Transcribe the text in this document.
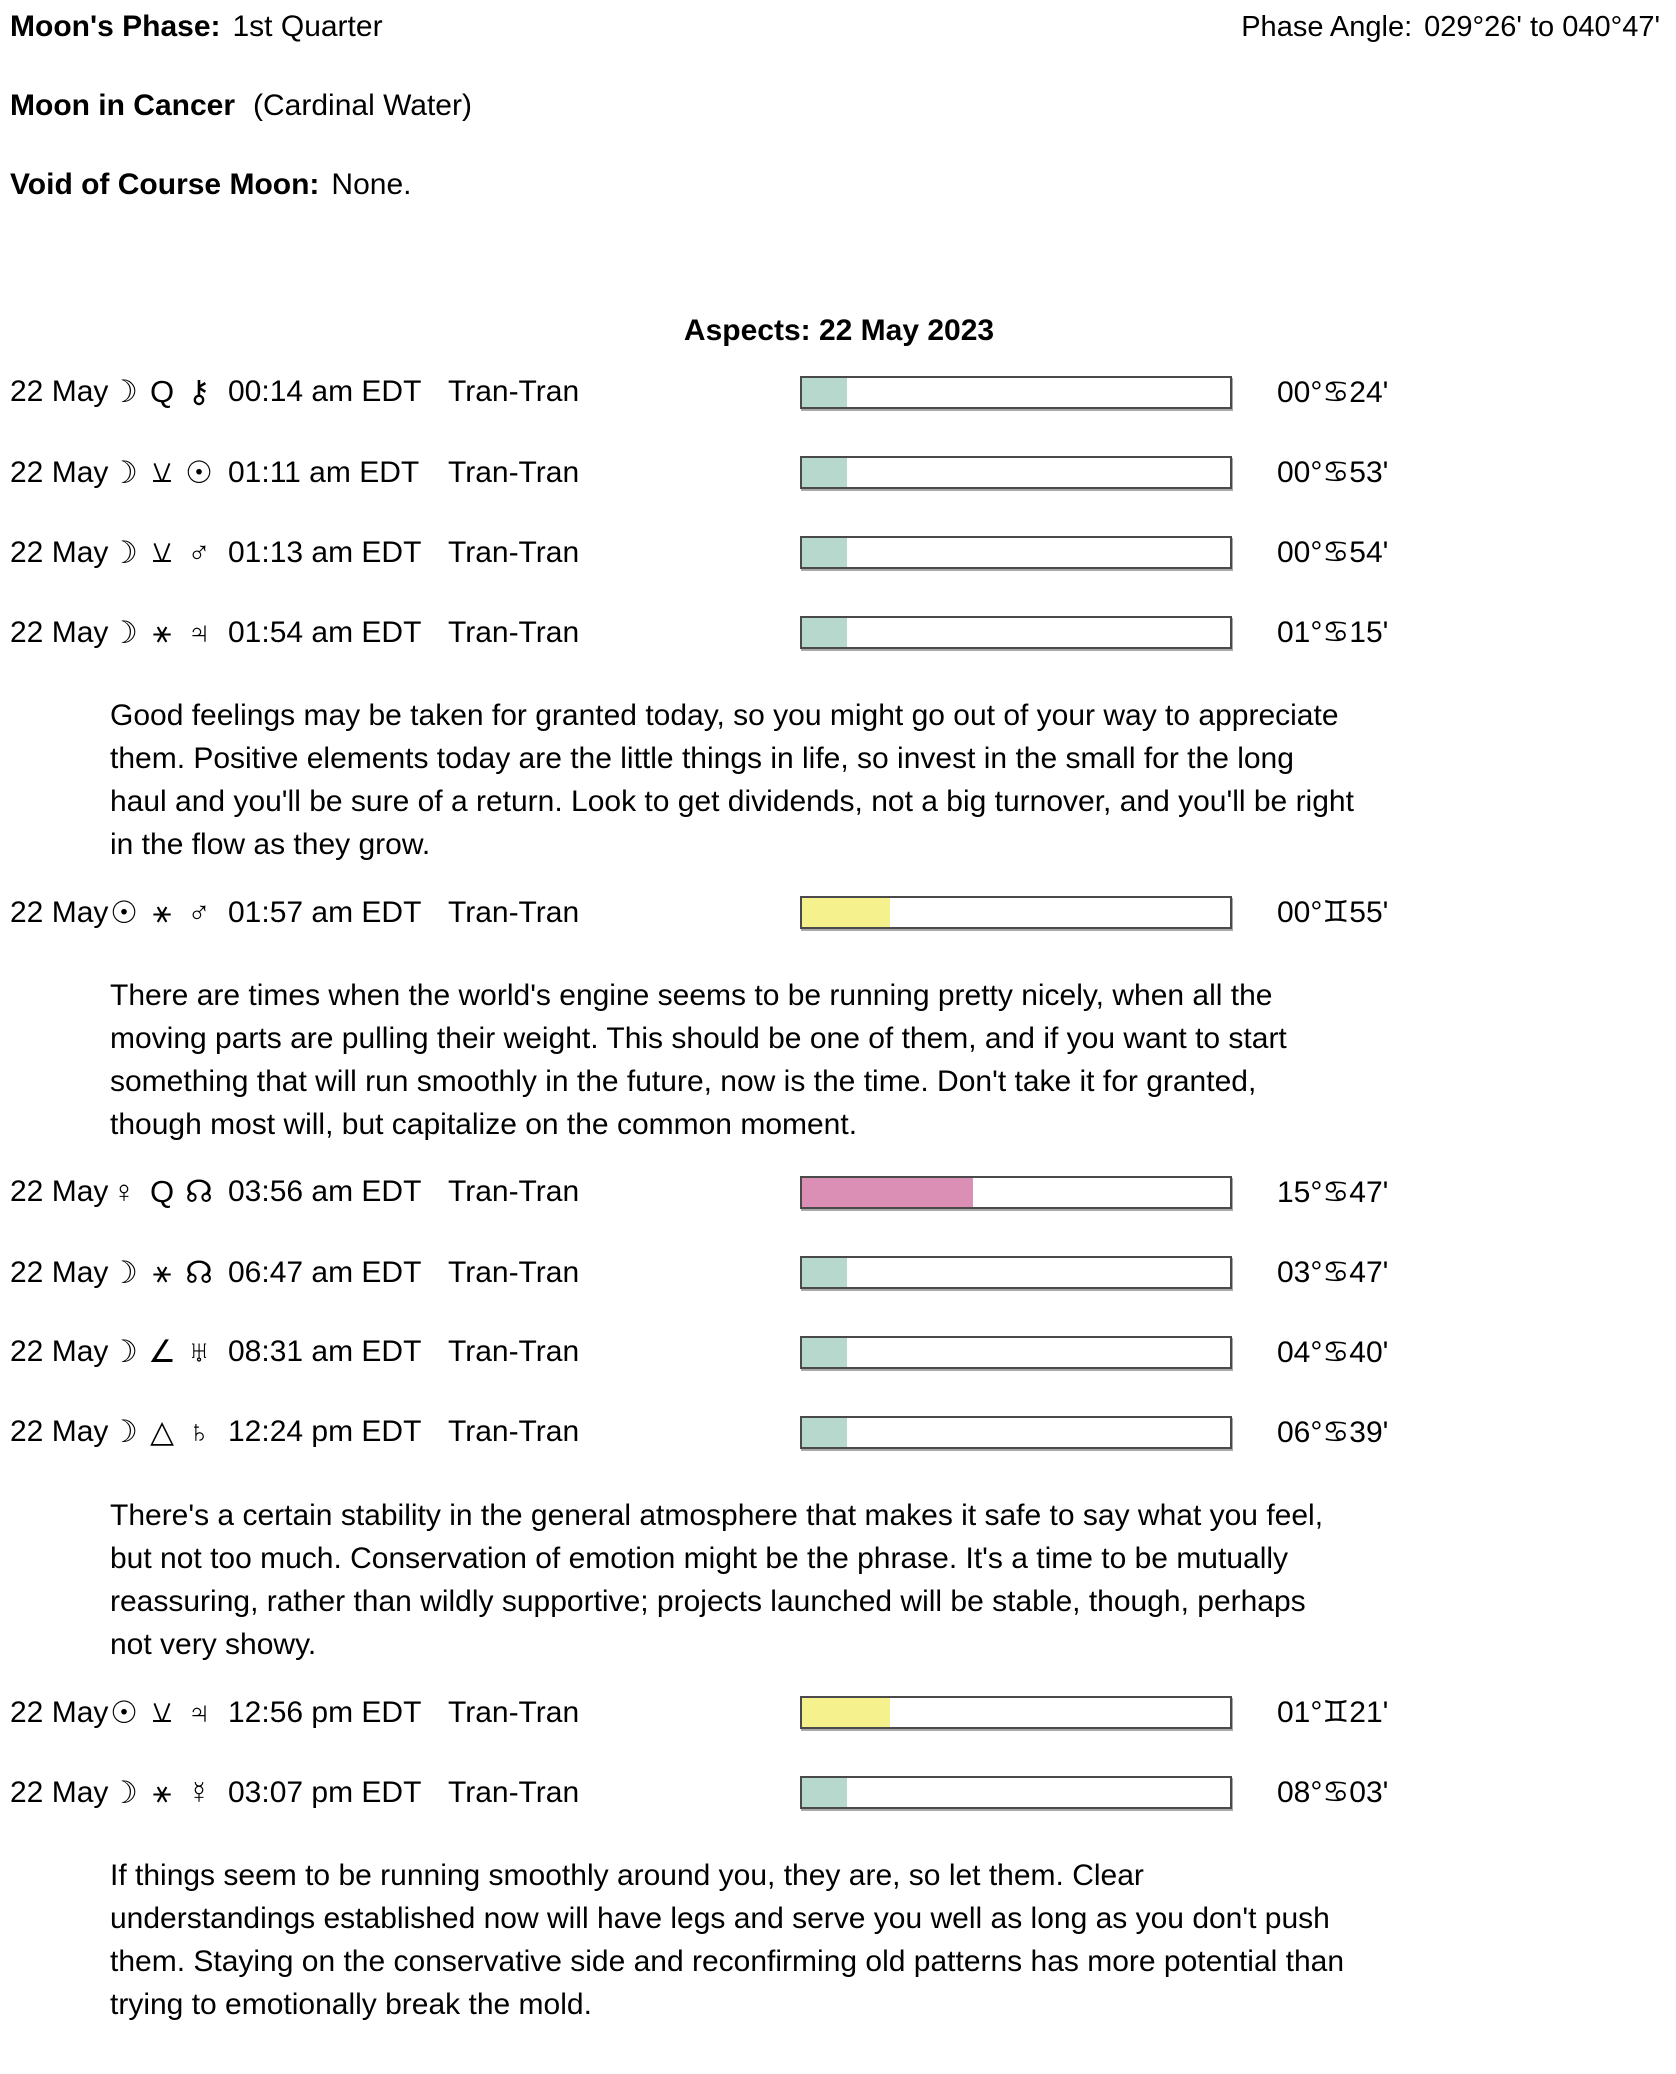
Moon's Phase: 1st Quarter	Phase Angle: 029°26' to 040°47'
Moon in Cancer (Cardinal Water)
Void of Course Moon: None.
Aspects: 22 May 2023
22 May ☽ Q ⚷ 00:14 am EDT Tran-Tran	00°♋24'
22 May ☽ ⚺ ☉ 01:11 am EDT Tran-Tran	00°♋53'
22 May ☽ ⚺ ♂ 01:13 am EDT Tran-Tran	00°♋54'
22 May ☽ ⚹ ♃ 01:54 am EDT Tran-Tran	01°♋15'

Good feelings may be taken for granted today, so you might go out of your way to appreciate them. Positive elements today are the little things in life, so invest in the small for the long haul and you'll be sure of a return. Look to get dividends, not a big turnover, and you'll be right in the flow as they grow.

22 May ☉ ⚹ ♂ 01:57 am EDT Tran-Tran	00°♊55'

There are times when the world's engine seems to be running pretty nicely, when all the moving parts are pulling their weight. This should be one of them, and if you want to start something that will run smoothly in the future, now is the time. Don't take it for granted, though most will, but capitalize on the common moment.

22 May ♀ Q ☊ 03:56 am EDT Tran-Tran	15°♋47'
22 May ☽ ⚹ ☊ 06:47 am EDT Tran-Tran	03°♋47'
22 May ☽ ∠ ♅ 08:31 am EDT Tran-Tran	04°♋40'
22 May ☽ △ ♄ 12:24 pm EDT Tran-Tran	06°♋39'

There's a certain stability in the general atmosphere that makes it safe to say what you feel, but not too much. Conservation of emotion might be the phrase. It's a time to be mutually reassuring, rather than wildly supportive; projects launched will be stable, though, perhaps not very showy.

22 May ☉ ⚺ ♃ 12:56 pm EDT Tran-Tran	01°♊21'
22 May ☽ ⚹ ☿ 03:07 pm EDT Tran-Tran	08°♋03'

If things seem to be running smoothly around you, they are, so let them. Clear understandings established now will have legs and serve you well as long as you don't push them. Staying on the conservative side and reconfirming old patterns has more potential than trying to emotionally break the mold.
